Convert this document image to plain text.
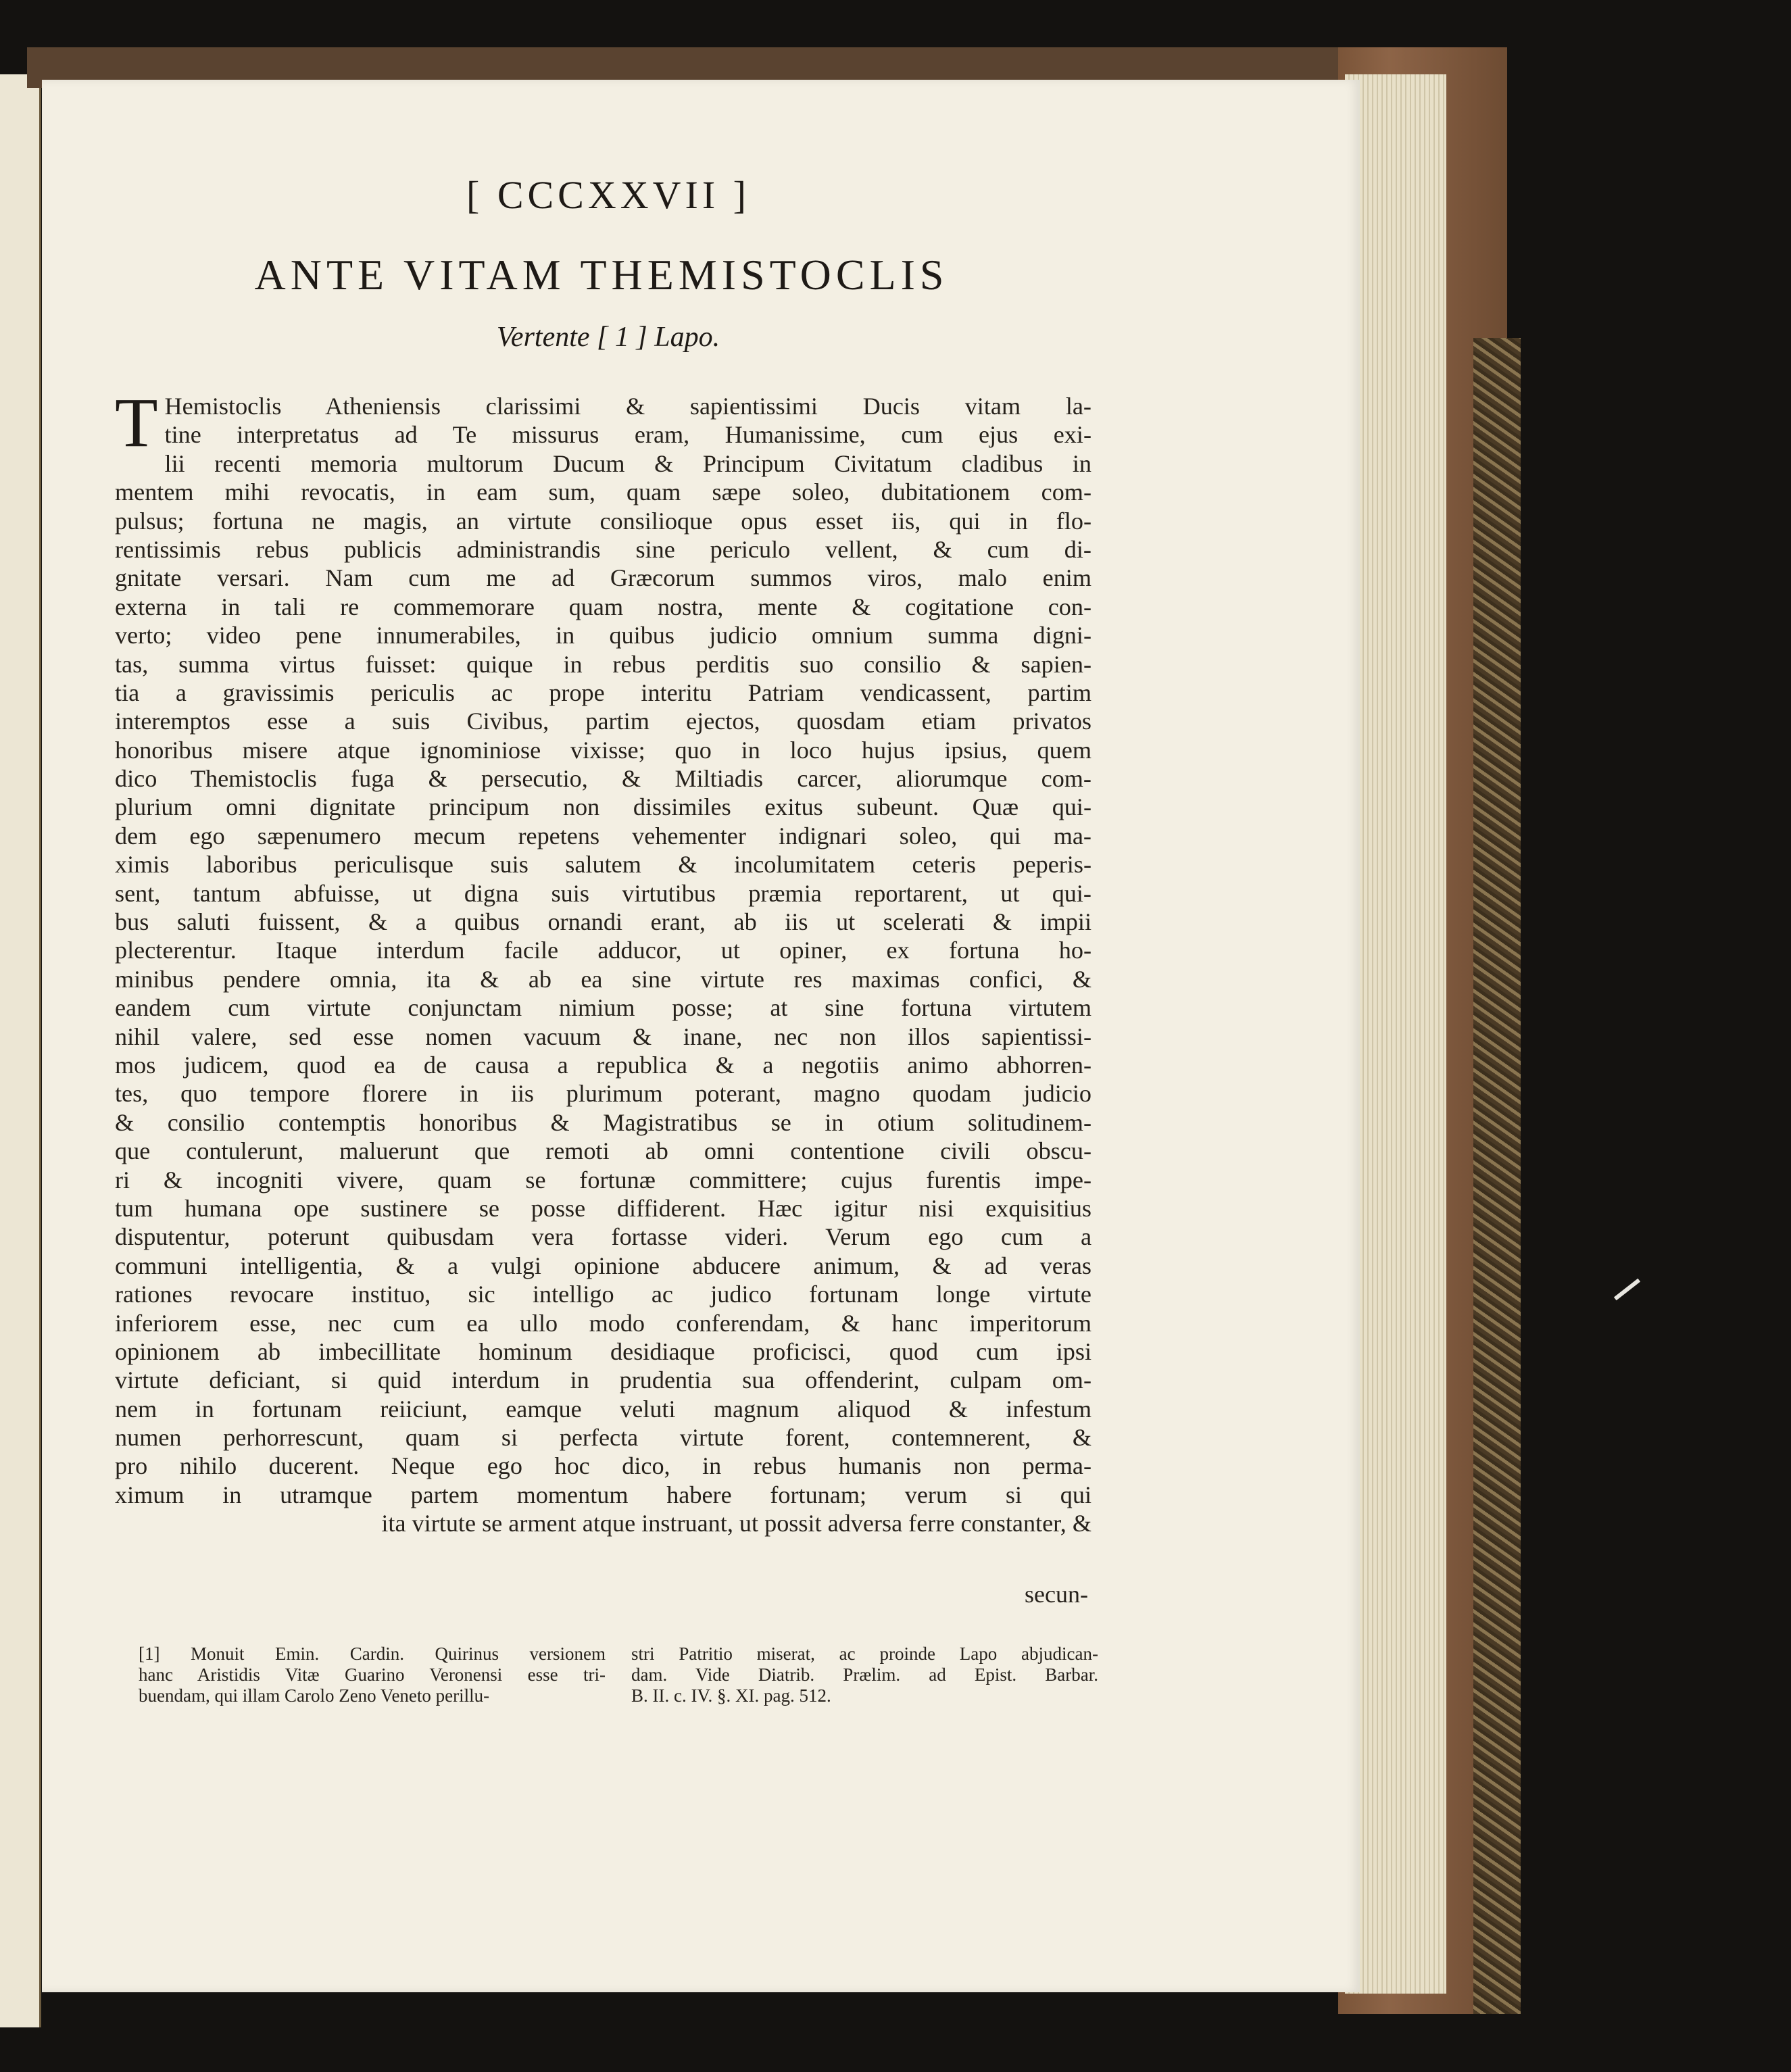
[ CCCXXVII ]
ANTE VITAM THEMISTOCLIS
Vertente [ 1 ] Lapo.
T Hemistoclis Atheniensis clarissimi & sapientissimi Ducis vitam la-
tine interpretatus ad Te missurus eram, Humanissime, cum ejus exi-
lii recenti memoria multorum Ducum & Principum Civitatum cladibus in
mentem mihi revocatis, in eam sum, quam sæpe soleo, dubitationem com-
pulsus; fortuna ne magis, an virtute consilioque opus esset iis, qui in flo-
rentissimis rebus publicis administrandis sine periculo vellent, & cum di-
gnitate versari. Nam cum me ad Græcorum summos viros, malo enim
externa in tali re commemorare quam nostra, mente & cogitatione con-
verto; video pene innumerabiles, in quibus judicio omnium summa digni-
tas, summa virtus fuisset: quique in rebus perditis suo consilio & sapien-
tia a gravissimis periculis ac prope interitu Patriam vendicassent, partim
interemptos esse a suis Civibus, partim ejectos, quosdam etiam privatos
honoribus misere atque ignominiose vixisse; quo in loco hujus ipsius, quem
dico Themistoclis fuga & persecutio, & Miltiadis carcer, aliorumque com-
plurium omni dignitate principum non dissimiles exitus subeunt. Quæ qui-
dem ego sæpenumero mecum repetens vehementer indignari soleo, qui ma-
ximis laboribus periculisque suis salutem & incolumitatem ceteris peperis-
sent, tantum abfuisse, ut digna suis virtutibus præmia reportarent, ut qui-
bus saluti fuissent, & a quibus ornandi erant, ab iis ut scelerati & impii
plecterentur. Itaque interdum facile adducor, ut opiner, ex fortuna ho-
minibus pendere omnia, ita & ab ea sine virtute res maximas confici, &
eandem cum virtute conjunctam nimium posse; at sine fortuna virtutem
nihil valere, sed esse nomen vacuum & inane, nec non illos sapientissi-
mos judicem, quod ea de causa a republica & a negotiis animo abhorren-
tes, quo tempore florere in iis plurimum poterant, magno quodam judicio
& consilio contemptis honoribus & Magistratibus se in otium solitudinem-
que contulerunt, maluerunt que remoti ab omni contentione civili obscu-
ri & incogniti vivere, quam se fortunæ committere; cujus furentis impe-
tum humana ope sustinere se posse diffiderent. Hæc igitur nisi exquisitius
disputentur, poterunt quibusdam vera fortasse videri. Verum ego cum a
communi intelligentia, & a vulgi opinione abducere animum, & ad veras
rationes revocare instituo, sic intelligo ac judico fortunam longe virtute
inferiorem esse, nec cum ea ullo modo conferendam, & hanc imperitorum
opinionem ab imbecillitate hominum desidiaque proficisci, quod cum ipsi
virtute deficiant, si quid interdum in prudentia sua offenderint, culpam om-
nem in fortunam reiiciunt, eamque veluti magnum aliquod & infestum
numen perhorrescunt, quam si perfecta virtute forent, contemnerent, &
pro nihilo ducerent. Neque ego hoc dico, in rebus humanis non perma-
ximum in utramque partem momentum habere fortunam; verum si qui
ita virtute se arment atque instruant, ut possit adversa ferre constanter, &
secun-
[1] Monuit Emin. Cardin. Quirinus versionem
hanc Aristidis Vitæ Guarino Veronensi esse tri-
buendam, qui illam Carolo Zeno Veneto perillu-
stri Patritio miserat, ac proinde Lapo abjudican-
dam. Vide Diatrib. Prælim. ad Epist. Barbar.
B. II. c. IV. §. XI. pag. 512.
